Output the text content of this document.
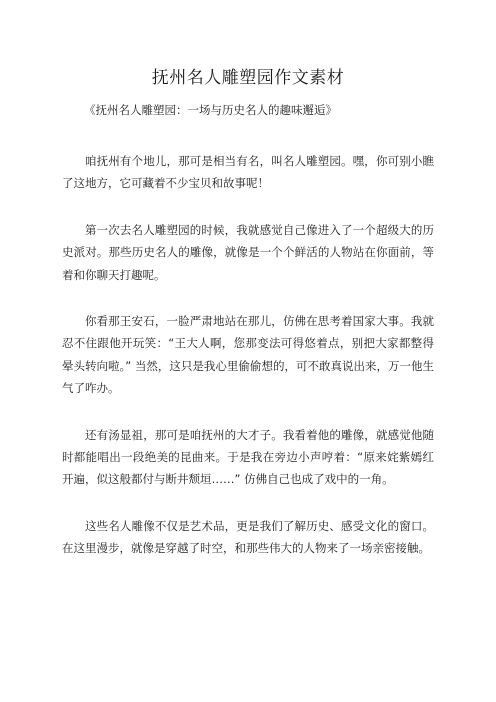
抚州名人雕塑园作文素材

《抚州名人雕塑园：一场与历史名人的趣味邂逅》

咱抚州有个地儿，那可是相当有名，叫名人雕塑园。嘿，你可别小瞧了这地方，它可藏着不少宝贝和故事呢！

第一次去名人雕塑园的时候，我就感觉自己像进入了一个超级大的历史派对。那些历史名人的雕像，就像是一个个鲜活的人物站在你面前，等着和你聊天打趣呢。

你看那王安石，一脸严肃地站在那儿，仿佛在思考着国家大事。我就忍不住跟他开玩笑：“王大人啊，您那变法可得悠着点，别把大家都整得晕头转向啦。” 当然，这只是我心里偷偷想的，可不敢真说出来，万一他生气了咋办。

还有汤显祖，那可是咱抚州的大才子。我看着他的雕像，就感觉他随时都能唱出一段绝美的昆曲来。于是我在旁边小声哼着：“原来姹紫嫣红开遍，似这般都付与断井颓垣……” 仿佛自己也成了戏中的一角。

这些名人雕像不仅是艺术品，更是我们了解历史、感受文化的窗口。在这里漫步，就像是穿越了时空，和那些伟大的人物来了一场亲密接触。
